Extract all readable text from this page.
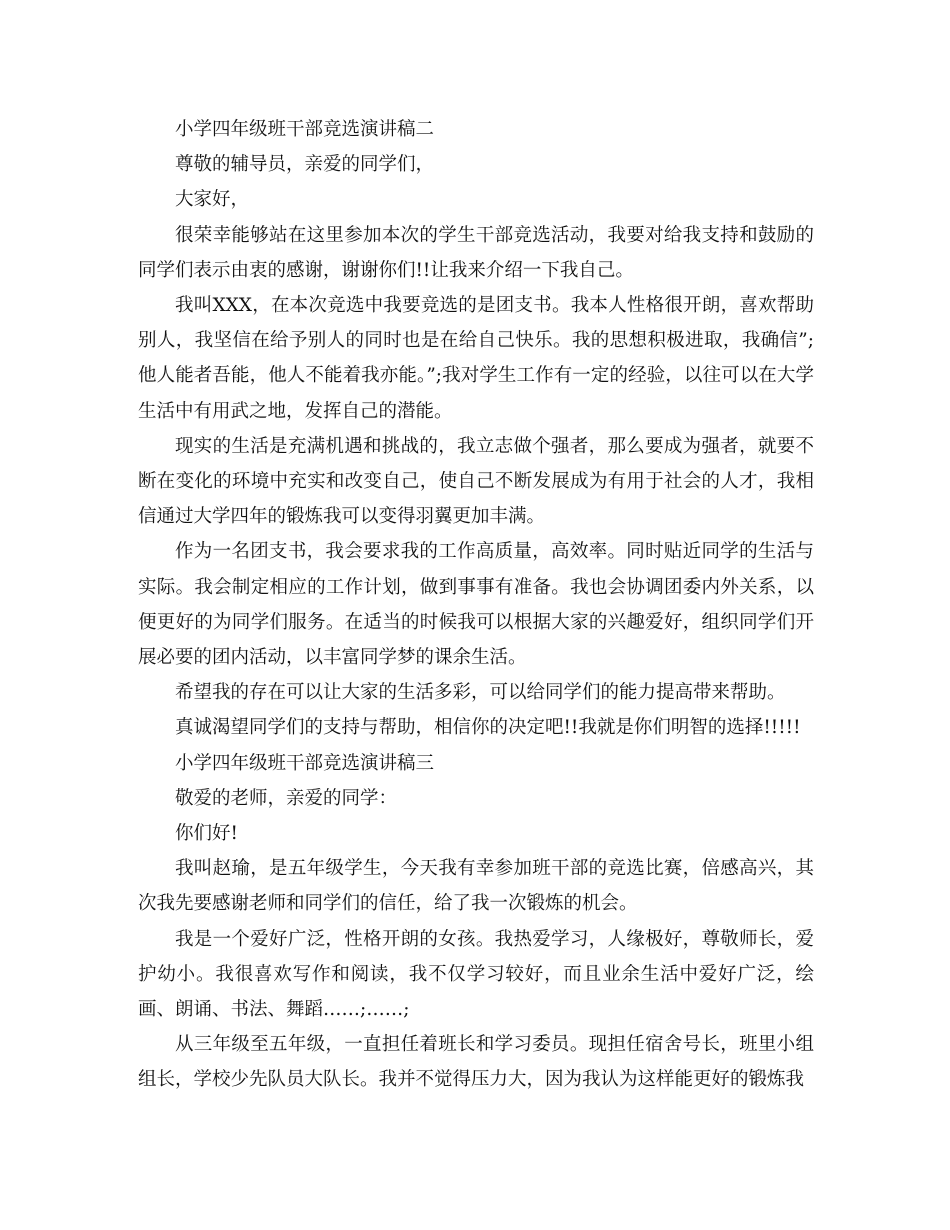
小学四年级班干部竞选演讲稿二

尊敬的辅导员，亲爱的同学们，

大家好，

很荣幸能够站在这里参加本次的学生干部竞选活动，我要对给我支持和鼓励的同学们表示由衷的感谢，谢谢你们!!让我来介绍一下我自己。

我叫XXX，在本次竞选中我要竞选的是团支书。我本人性格很开朗，喜欢帮助别人，我坚信在给予别人的同时也是在给自己快乐。我的思想积极进取，我确信”;他人能者吾能，他人不能着我亦能。”;我对学生工作有一定的经验，以往可以在大学生活中有用武之地，发挥自己的潜能。

现实的生活是充满机遇和挑战的，我立志做个强者，那么要成为强者，就要不断在变化的环境中充实和改变自己，使自己不断发展成为有用于社会的人才，我相信通过大学四年的锻炼我可以变得羽翼更加丰满。

作为一名团支书，我会要求我的工作高质量，高效率。同时贴近同学的生活与实际。我会制定相应的工作计划，做到事事有准备。我也会协调团委内外关系，以便更好的为同学们服务。在适当的时候我可以根据大家的兴趣爱好，组织同学们开展必要的团内活动，以丰富同学梦的课余生活。

希望我的存在可以让大家的生活多彩，可以给同学们的能力提高带来帮助。

真诚渴望同学们的支持与帮助，相信你的决定吧!!我就是你们明智的选择!!!!!

小学四年级班干部竞选演讲稿三

敬爱的老师，亲爱的同学：

你们好!

我叫赵瑜，是五年级学生，今天我有幸参加班干部的竞选比赛，倍感高兴，其次我先要感谢老师和同学们的信任，给了我一次锻炼的机会。

我是一个爱好广泛，性格开朗的女孩。我热爱学习，人缘极好，尊敬师长，爱护幼小。我很喜欢写作和阅读，我不仅学习较好，而且业余生活中爱好广泛，绘画、朗诵、书法、舞蹈……;……;

从三年级至五年级，一直担任着班长和学习委员。现担任宿舍号长，班里小组组长，学校少先队员大队长。我并不觉得压力大，因为我认为这样能更好的锻炼我
